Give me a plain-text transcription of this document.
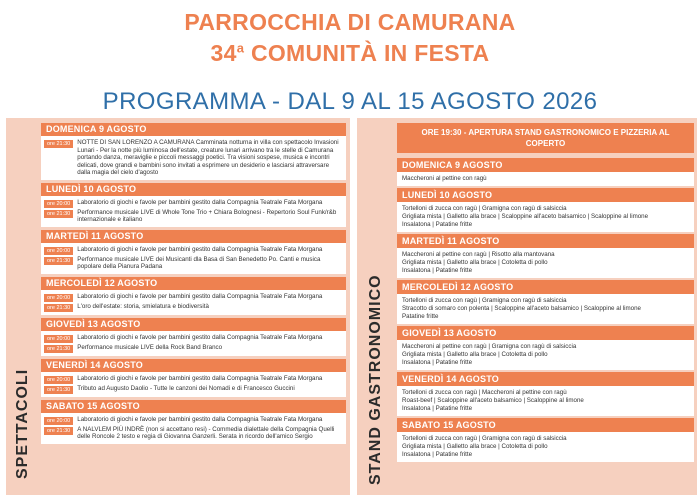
PARROCCHIA DI CAMURANA
34$^a$ COMUNITÀ IN FESTA
PROGRAMMA - DAL 9 AL 15 AGOSTO 2026
SPETTACOLI
DOMENICA 9 AGOSTO
ore 21:30	NOTTE DI SAN LORENZO A CAMURANA Camminata notturna in villa con spettacolo Invasioni Lunari - Per la notte più luminosa dell'estate, creature lunari arrivano tra le stelle di Camurana portando danza, meraviglie e piccoli messaggi poetici. Tra visioni sospese, musica e incontri delicati, dove grandi e bambini sono invitati a esprimere un desiderio e lasciarsi attraversare dalla magia del cielo d'agosto
LUNEDÌ 10 AGOSTO
ore 20:00	Laboratorio di giochi e favole per bambini gestito dalla Compagnia Teatrale Fata Morgana
ore 21:30	Performance musicale LIVE di Whole Tone Trio + Chiara Bolognesi - Repertorio Soul Funk/r&b internazionale e italiano
MARTEDÌ 11 AGOSTO
ore 20:00	Laboratorio di giochi e favole per bambini gestito dalla Compagnia Teatrale Fata Morgana
ore 21:30	Performance musicale LIVE dei Musicanti dla Basa di San Benedetto Po. Canti e musica popolare della Pianura Padana
MERCOLEDÌ 12 AGOSTO
ore 20:00	Laboratorio di giochi e favole per bambini gestito dalla Compagnia Teatrale Fata Morgana
ore 21:30	L'oro dell'estate: storia, smielatura e biodiversità
GIOVEDÌ 13 AGOSTO
ore 20:00	Laboratorio di giochi e favole per bambini gestito dalla Compagnia Teatrale Fata Morgana
ore 21:30	Performance musicale LIVE della Rock Band Branco
VENERDÌ 14 AGOSTO
ore 20:00	Laboratorio di giochi e favole per bambini gestito dalla Compagnia Teatrale Fata Morgana
ore 21:30	Tributo ad Augusto Daolio - Tutte le canzoni dei Nomadi e di Francesco Guccini
SABATO 15 AGOSTO
ore 20:00	Laboratorio di giochi e favole per bambini gestito dalla Compagnia Teatrale Fata Morgana
ore 21:30	A NALVLEM PIÙ INDRÈ (non si accettano resi) - Commedia dialettale della Compagnia Quelli delle Roncole 2 testo e regia di Giovanna Ganzerli. Serata in ricordo dell'amico Sergio	STAND GASTRONOMICO
ORE 19:30 - APERTURA STAND GASTRONOMICO E PIZZERIA AL COPERTO
DOMENICA 9 AGOSTO
Maccheroni al pettine con ragù
LUNEDÌ 10 AGOSTO
Tortelloni di zucca con ragù | Gramigna con ragù di salsiccia
Grigliata mista | Galletto alla brace | Scaloppine all'aceto balsamico | Scaloppine al limone
Insalatona | Patatine fritte
MARTEDÌ 11 AGOSTO
Maccheroni al pettine con ragù | Risotto alla mantovana
Grigliata mista | Galletto alla brace | Cotoletta di pollo
Insalatona | Patatine fritte
MERCOLEDÌ 12 AGOSTO
Tortelloni di zucca con ragù | Gramigna con ragù di salsiccia
Stracotto di somaro con polenta | Scaloppine all'aceto balsamico | Scaloppine al limone
Patatine fritte
GIOVEDÌ 13 AGOSTO
Maccheroni al pettine con ragù | Gramigna con ragù di salsiccia
Grigliata mista | Galletto alla brace | Cotoletta di pollo
Insalatona | Patatine fritte
VENERDÌ 14 AGOSTO
Tortelloni di zucca con ragù | Maccheroni al pettine con ragù
Roast-beef | Scaloppine all'aceto balsamico | Scaloppine al limone
Insalatona | Patatine fritte
SABATO 15 AGOSTO
Tortelloni di zucca con ragù | Gramigna con ragù di salsiccia
Grigliata mista | Galletto alla brace | Cotoletta di pollo
Insalatona | Patatine fritte
